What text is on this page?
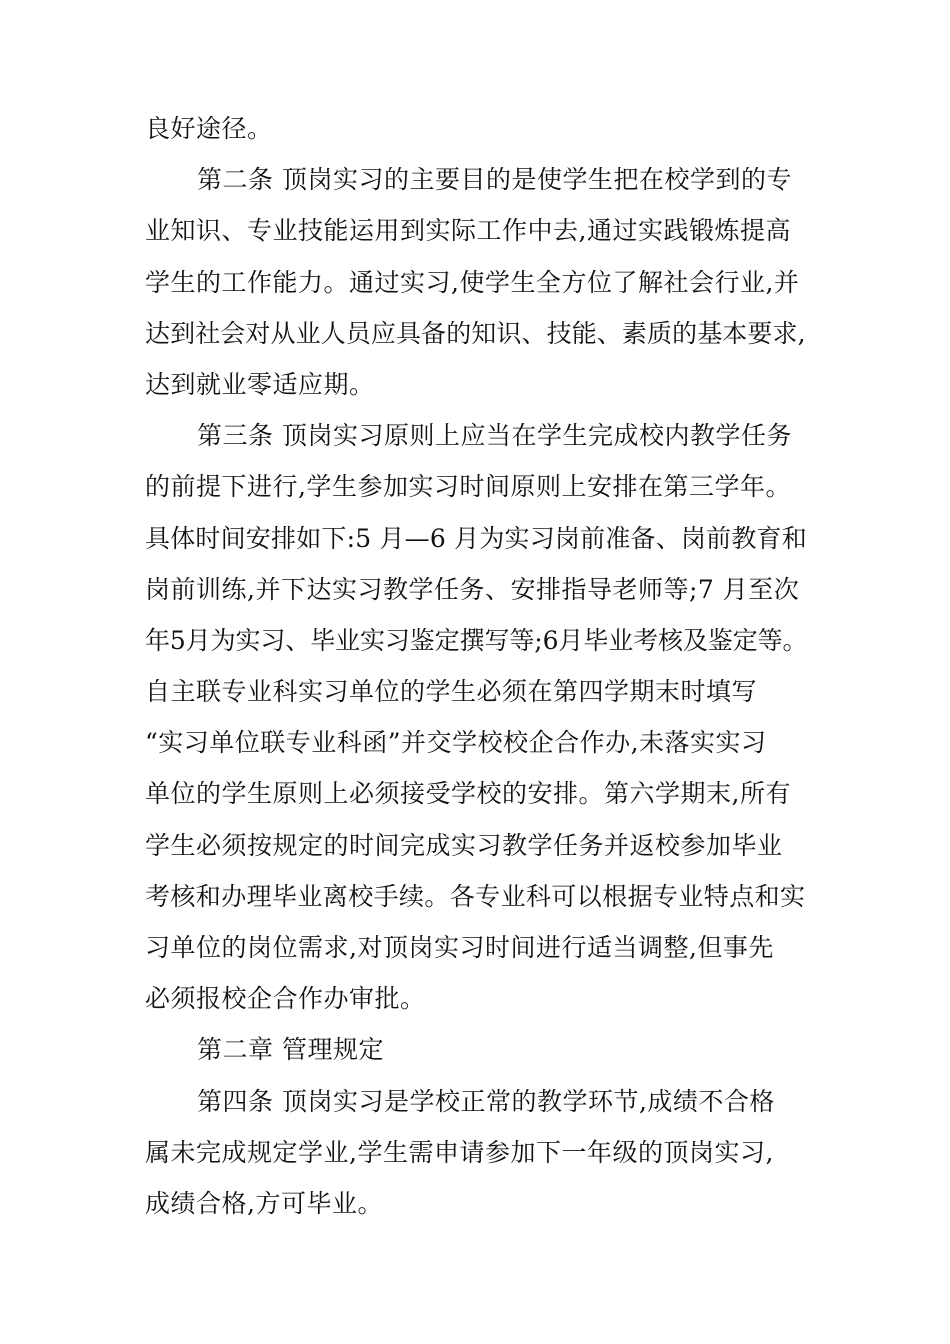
良好途径。
第二条 顶岗实习的主要目的是使学生把在校学到的专
业知识、专业技能运用到实际工作中去,通过实践锻炼提高
学生的工作能力。通过实习,使学生全方位了解社会行业,并
达到社会对从业人员应具备的知识、技能、素质的基本要求,
达到就业零适应期。
第三条 顶岗实习原则上应当在学生完成校内教学任务
的前提下进行,学生参加实习时间原则上安排在第三学年。
具体时间安排如下:5 月—6 月为实习岗前准备、岗前教育和
岗前训练,并下达实习教学任务、安排指导老师等;7 月至次
年5月为实习、毕业实习鉴定撰写等;6月毕业考核及鉴定等。
自主联专业科实习单位的学生必须在第四学期末时填写
“实习单位联专业科函”并交学校校企合作办,未落实实习
单位的学生原则上必须接受学校的安排。第六学期末,所有
学生必须按规定的时间完成实习教学任务并返校参加毕业
考核和办理毕业离校手续。各专业科可以根据专业特点和实
习单位的岗位需求,对顶岗实习时间进行适当调整,但事先
必须报校企合作办审批。
第二章 管理规定
第四条 顶岗实习是学校正常的教学环节,成绩不合格
属未完成规定学业,学生需申请参加下一年级的顶岗实习,
成绩合格,方可毕业。
